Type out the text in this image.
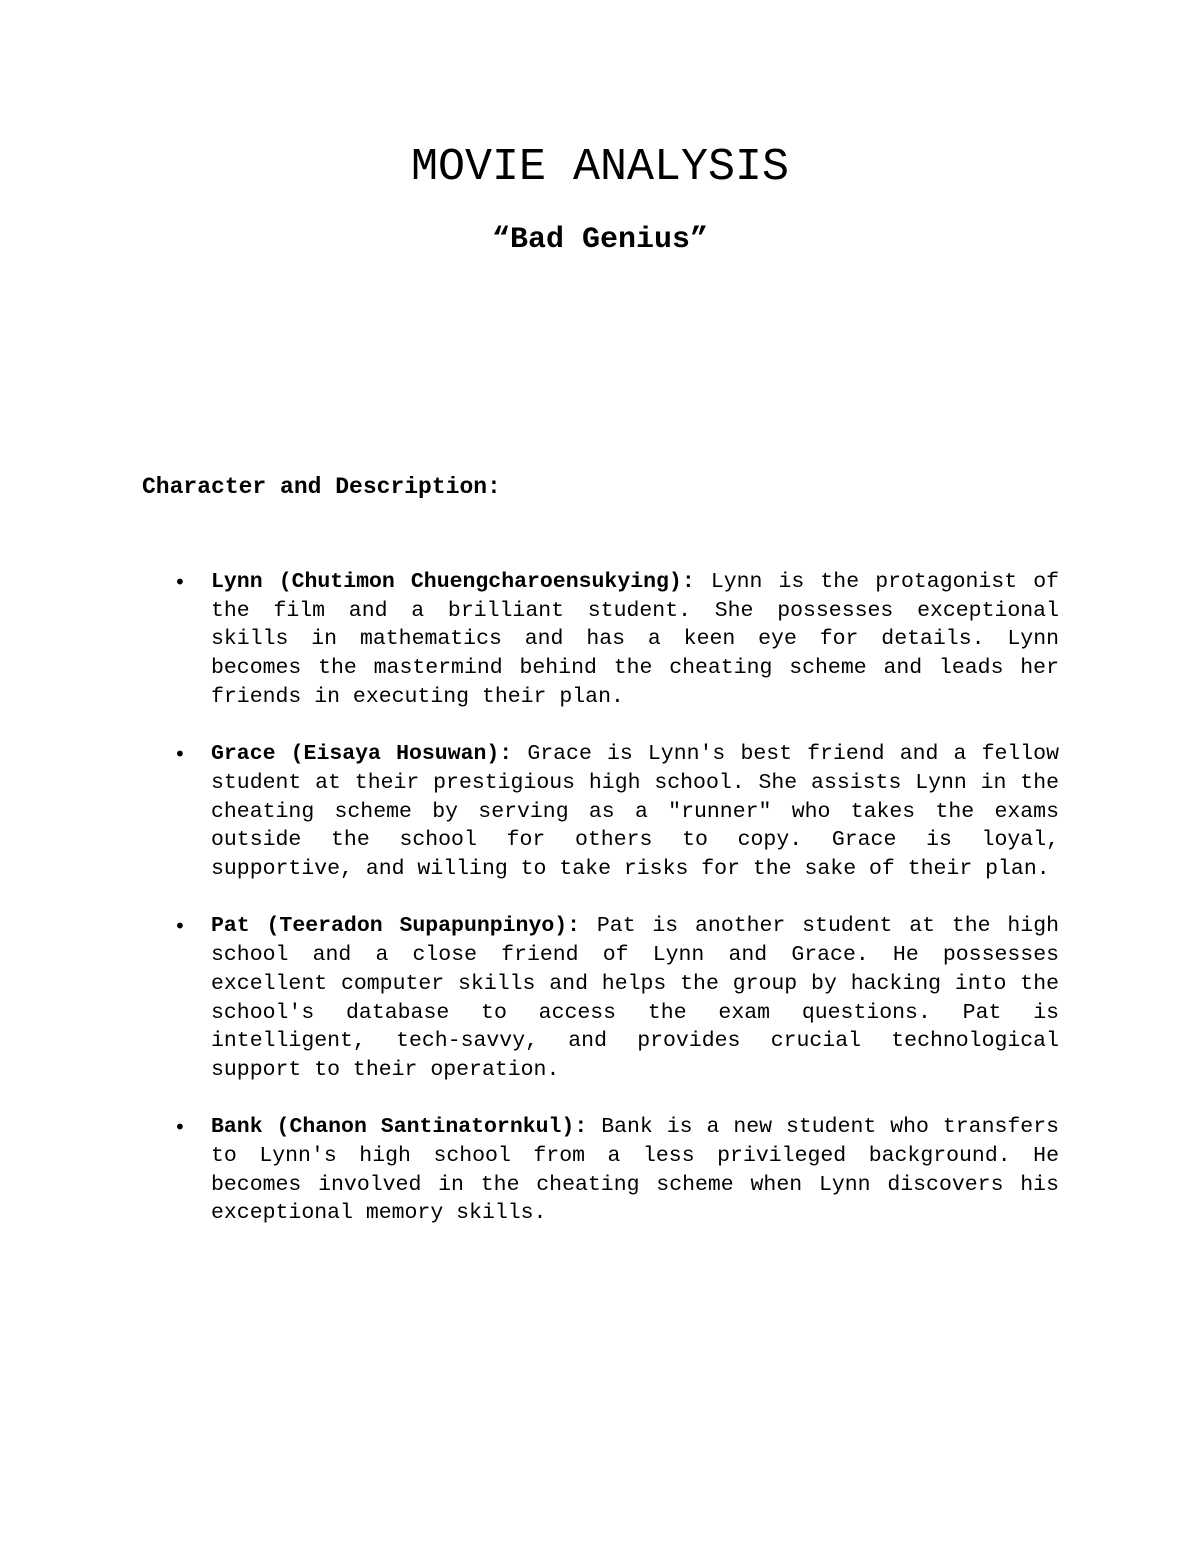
MOVIE ANALYSIS
“Bad Genius”
Character and Description:
• Lynn (Chutimon Chuengcharoensukying): Lynn is the protagonist of the film and a brilliant student. She possesses exceptional skills in mathematics and has a keen eye for details. Lynn becomes the mastermind behind the cheating scheme and leads her friends in executing their plan.
• Grace (Eisaya Hosuwan): Grace is Lynn's best friend and a fellow student at their prestigious high school. She assists Lynn in the cheating scheme by serving as a "runner" who takes the exams outside the school for others to copy. Grace is loyal, supportive, and willing to take risks for the sake of their plan.
• Pat (Teeradon Supapunpinyo): Pat is another student at the high school and a close friend of Lynn and Grace. He possesses excellent computer skills and helps the group by hacking into the school's database to access the exam questions. Pat is intelligent, tech-savvy, and provides crucial technological support to their operation.
• Bank (Chanon Santinatornkul): Bank is a new student who transfers to Lynn's high school from a less privileged background. He becomes involved in the cheating scheme when Lynn discovers his exceptional memory skills.
